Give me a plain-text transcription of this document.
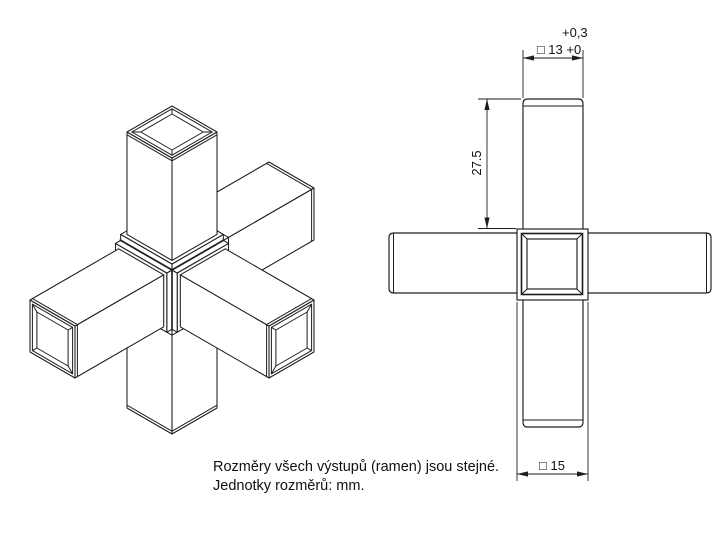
+0,3
□ 13 +0
27.5
□ 15
Rozměry všech výstupů (ramen) jsou stejné.
Jednotky rozměrů: mm.
